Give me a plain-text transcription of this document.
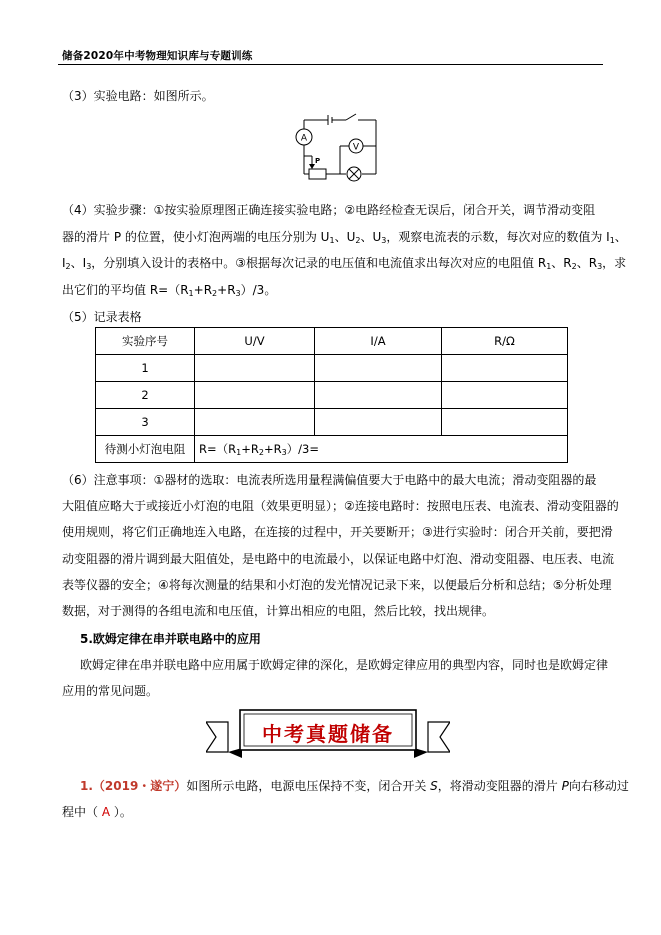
储备2020年中考物理知识库与专题训练
（3）实验电路：如图所示。
A
V
P
（4）实验步骤：①按实验原理图正确连接实验电路；②电路经检查无误后，闭合开关，调节滑动变阻
器的滑片 P 的位置，使小灯泡两端的电压分别为 $U_1$、$U_2$、$U_3$，观察电流表的示数，每次对应的数值为 $I_1$、
$I_2$、$I_3$，分别填入设计的表格中。③根据每次记录的电压值和电流值求出每次对应的电阻值 $R_1$、$R_2$、$R_3$，求
出它们的平均值 $R=(R_1+R_2+R_3)/3$。
（5）记录表格
实验序号	U/V	I/A	R/Ω
1			
2			
3			
待测小灯泡电阻	$R=(R_1+R_2+R_3)/3=$		
（6）注意事项：①器材的选取：电流表所选用量程满偏值要大于电路中的最大电流；滑动变阻器的最
大阻值应略大于或接近小灯泡的电阻（效果更明显）；②连接电路时：按照电压表、电流表、滑动变阻器的
使用规则，将它们正确地连入电路，在连接的过程中，开关要断开；③进行实验时：闭合开关前，要把滑
动变阻器的滑片调到最大阻值处，是电路中的电流最小，以保证电路中灯泡、滑动变阻器、电压表、电流
表等仪器的安全；④将每次测量的结果和小灯泡的发光情况记录下来，以便最后分析和总结；⑤分析处理
数据，对于测得的各组电流和电压值，计算出相应的电阻，然后比较，找出规律。
5.欧姆定律在串并联电路中的应用
欧姆定律在串并联电路中应用属于欧姆定律的深化，是欧姆定律应用的典型内容，同时也是欧姆定律
应用的常见问题。
中考真题储备
1.（2019・遂宁）如图所示电路，电源电压保持不变，闭合开关 S，将滑动变阻器的滑片 P向右移动过
程中（ A ）。
